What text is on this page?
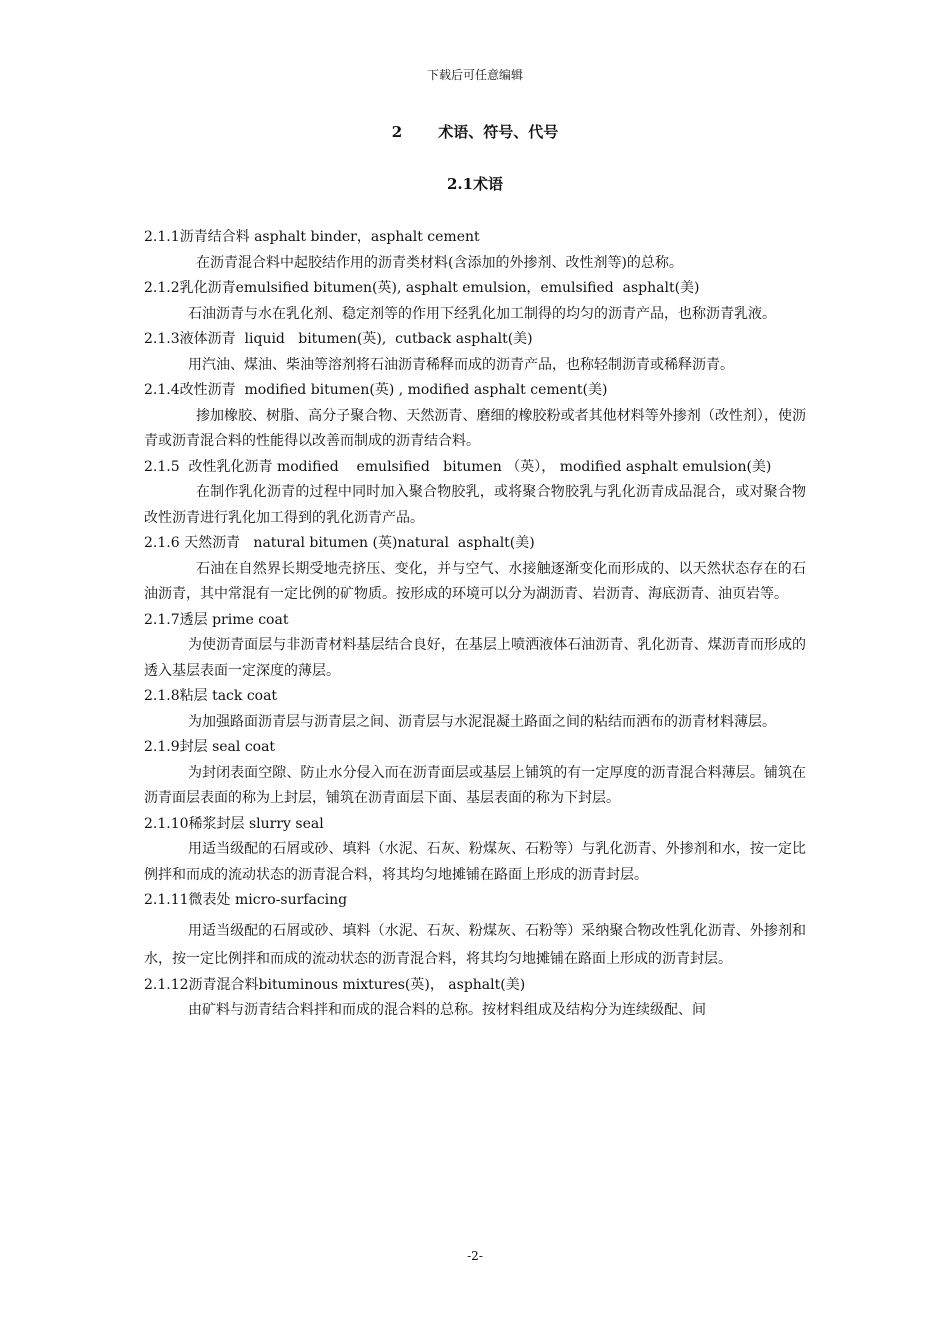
下载后可任意编辑
2 术语、符号、代号
2.1术语

2.1.1沥青结合料 asphalt binder，asphalt cement

在沥青混合料中起胶结作用的沥青类材料(含添加的外掺剂、改性剂等)的总称。

2.1.2乳化沥青emulsified bitumen(英), asphalt emulsion，emulsified  asphalt(美)

石油沥青与水在乳化剂、稳定剂等的作用下经乳化加工制得的均匀的沥青产品，也称沥青乳液。

2.1.3液体沥青  liquid   bitumen(英),  cutback asphalt(美)

用汽油、煤油、柴油等溶剂将石油沥青稀释而成的沥青产品，也称轻制沥青或稀释沥青。

2.1.4改性沥青  modified bitumen(英) , modified asphalt cement(美)

掺加橡胶、树脂、高分子聚合物、天然沥青、磨细的橡胶粉或者其他材料等外掺剂（改性剂），使沥青或沥青混合料的性能得以改善而制成的沥青结合料。

2.1.5  改性乳化沥青 modified    emulsified   bitumen （英）， modified asphalt emulsion(美)

在制作乳化沥青的过程中同时加入聚合物胶乳，或将聚合物胶乳与乳化沥青成品混合，或对聚合物改性沥青进行乳化加工得到的乳化沥青产品。

2.1.6 天然沥青   natural bitumen (英)natural  asphalt(美)

石油在自然界长期受地壳挤压、变化，并与空气、水接触逐渐变化而形成的、以天然状态存在的石油沥青，其中常混有一定比例的矿物质。按形成的环境可以分为湖沥青、岩沥青、海底沥青、油页岩等。

2.1.7透层 prime coat

为使沥青面层与非沥青材料基层结合良好，在基层上喷洒液体石油沥青、乳化沥青、煤沥青而形成的透入基层表面一定深度的薄层。

2.1.8粘层 tack coat

为加强路面沥青层与沥青层之间、沥青层与水泥混凝土路面之间的粘结而洒布的沥青材料薄层。

2.1.9封层 seal coat

为封闭表面空隙、防止水分侵入而在沥青面层或基层上铺筑的有一定厚度的沥青混合料薄层。铺筑在沥青面层表面的称为上封层，铺筑在沥青面层下面、基层表面的称为下封层。

2.1.10稀浆封层 slurry seal

用适当级配的石屑或砂、填料（水泥、石灰、粉煤灰、石粉等）与乳化沥青、外掺剂和水，按一定比例拌和而成的流动状态的沥青混合料，将其均匀地摊铺在路面上形成的沥青封层。

2.1.11微表处 micro-surfacing

用适当级配的石屑或砂、填料（水泥、石灰、粉煤灰、石粉等）采纳聚合物改性乳化沥青、外掺剂和水，按一定比例拌和而成的流动状态的沥青混合料，将其均匀地摊铺在路面上形成的沥青封层。

2.1.12沥青混合料bituminous mixtures(英)， asphalt(美)

由矿料与沥青结合料拌和而成的混合料的总称。按材料组成及结构分为连续级配、间

-2-
